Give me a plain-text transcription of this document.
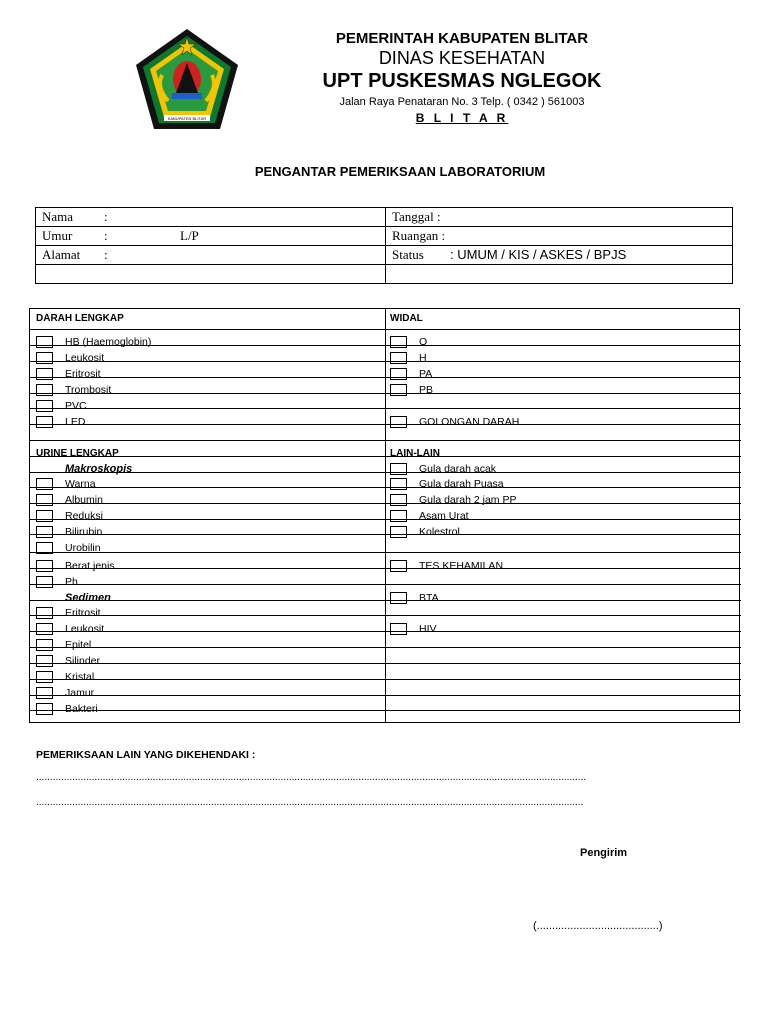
KABUPATEN BLITAR
PEMERINTAH KABUPATEN BLITAR
DINAS KESEHATAN
UPT PUSKESMAS NGLEGOK
Jalan Raya Penataran No. 3 Telp. ( 0342 ) 561003
B L I T A R
PENGANTAR PEMERIKSAAN LABORATORIUM
Nama :	Tanggal :
Umur : L/P	Ruangan :
Alamat :	Status : UMUM / KIS / ASKES / BPJS

DARAH LENGKAP
HB (Haemoglobin)
Leukosit
Eritrosit
Trombosit
PVC
LED
URINE LENGKAP
Makroskopis
Warna
Albumin
Reduksi
Bilirubin
Urobilin
Berat jenis
Ph
Sedimen
Eritrosit
Leukosit
Epitel
Silinder
Kristal
Jamur
Bakteri
WIDAL
O
H
PA
PB
GOLONGAN DARAH
LAIN-LAIN
Gula darah acak
Gula darah Puasa
Gula darah 2 jam PP
Asam Urat
Kolestrol
TES KEHAMILAN
BTA
HIV
PEMERIKSAAN LAIN YANG DIKEHENDAKI :
......................................................................................................................................................................................................
.....................................................................................................................................................................................................
Pengirim
(........................................)
